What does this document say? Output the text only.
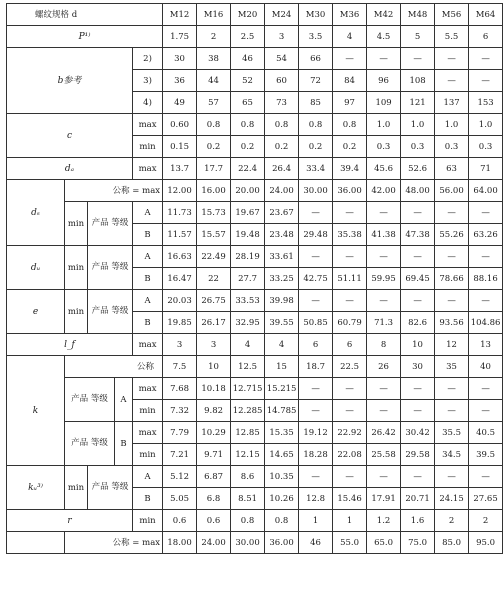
螺纹规格 d					M12	M16	M20	M24	M30	M36	M42	M48	M56	M64
P¹⁾					1.75	2	2.5	3	3.5	4	4.5	5	5.5	6
b参考				2)	30	38	46	54	66	—	—	—	—	—
				3)	36	44	52	60	72	84	96	108	—	—
				4)	49	57	65	73	85	97	109	121	137	153
c				max	0.60	0.8	0.8	0.8	0.8	0.8	1.0	1.0	1.0	1.0
				min	0.15	0.2	0.2	0.2	0.2	0.2	0.3	0.3	0.3	0.3
dₐ				max	13.7	17.7	22.4	26.4	33.4	39.4	45.6	52.6	63	71
dₛ	公称 = max				12.00	16.00	20.00	24.00	30.00	36.00	42.00	48.00	56.00	64.00
	min	产品 等级		A	11.73	15.73	19.67	23.67	—	—	—	—	—	—
				B	11.57	15.57	19.48	23.48	29.48	35.38	41.38	47.38	55.26	63.26
dᵤ	min	产品 等级		A	16.63	22.49	28.19	33.61	—	—	—	—	—	—
				B	16.47	22	27.7	33.25	42.75	51.11	59.95	69.45	78.66	88.16
e	min	产品 等级		A	20.03	26.75	33.53	39.98	—	—	—	—	—	—
				B	19.85	26.17	32.95	39.55	50.85	60.79	71.3	82.6	93.56	104.86
l_f				max	3	3	4	4	6	6	8	10	12	13
k	公称				7.5	10	12.5	15	18.7	22.5	26	30	35	40
	产品 等级		A	max	7.68	10.18	12.715	15.215	—	—	—	—	—	—
				min	7.32	9.82	12.285	14.785	—	—	—	—	—	—
	产品 等级		B	max	7.79	10.29	12.85	15.35	19.12	22.92	26.42	30.42	35.5	40.5
				min	7.21	9.71	12.15	14.65	18.28	22.08	25.58	29.58	34.5	39.5
kᵤ³⁾	min	产品 等级		A	5.12	6.87	8.6	10.35	—	—	—	—	—	—
				B	5.05	6.8	8.51	10.26	12.8	15.46	17.91	20.71	24.15	27.65
r				min	0.6	0.6	0.8	0.8	1	1	1.2	1.6	2	2
	公称 = max				18.00	24.00	30.00	36.00	46	55.0	65.0	75.0	85.0	95.0
